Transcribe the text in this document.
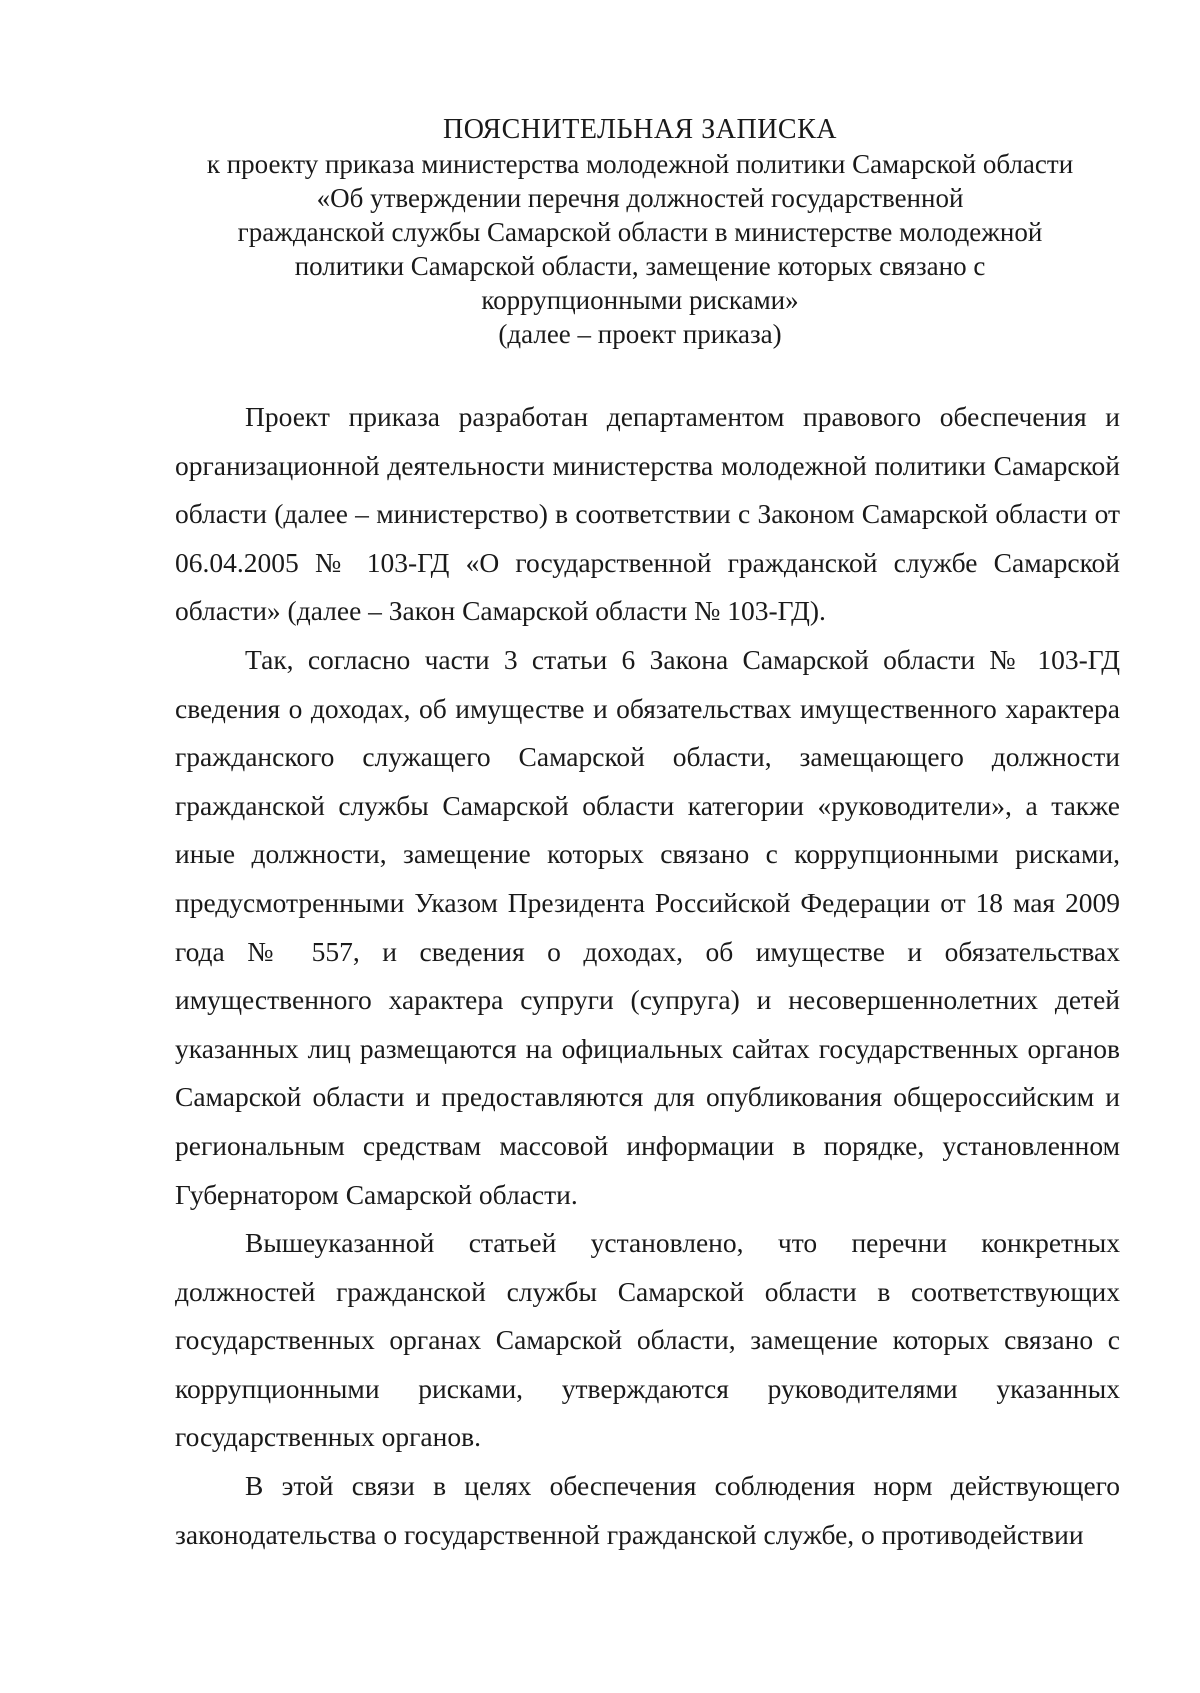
ПОЯСНИТЕЛЬНАЯ ЗАПИСКА
к проекту приказа министерства молодежной политики Самарской области
«Об утверждении перечня должностей государственной
гражданской службы Самарской области в министерстве молодежной
политики Самарской области, замещение которых связано с
коррупционными рисками»
(далее – проект приказа)

Проект приказа разработан департаментом правового обеспечения и организационной деятельности министерства молодежной политики Самарской области (далее – министерство) в соответствии с Законом Самарской области от 06.04.2005 № 103-ГД «О государственной гражданской службе Самарской области» (далее – Закон Самарской области № 103-ГД).

Так, согласно части 3 статьи 6 Закона Самарской области № 103-ГД сведения о доходах, об имуществе и обязательствах имущественного характера гражданского служащего Самарской области, замещающего должности гражданской службы Самарской области категории «руководители», а также иные должности, замещение которых связано с коррупционными рисками, предусмотренными Указом Президента Российской Федерации от 18 мая 2009 года № 557, и сведения о доходах, об имуществе и обязательствах имущественного характера супруги (супруга) и несовершеннолетних детей указанных лиц размещаются на официальных сайтах государственных органов Самарской области и предоставляются для опубликования общероссийским и региональным средствам массовой информации в порядке, установленном Губернатором Самарской области.

Вышеуказанной статьей установлено, что перечни конкретных должностей гражданской службы Самарской области в соответствующих государственных органах Самарской области, замещение которых связано с коррупционными рисками, утверждаются руководителями указанных государственных органов.

В этой связи в целях обеспечения соблюдения норм действующего законодательства о государственной гражданской службе, о противодействии
